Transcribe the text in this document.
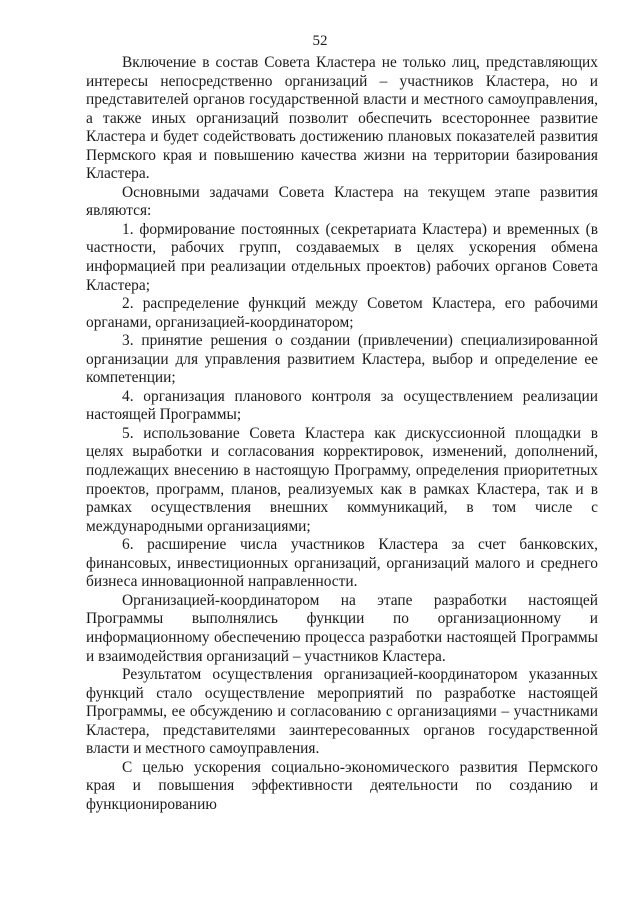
52

Включение в состав Совета Кластера не только лиц, представляющих интересы непосредственно организаций – участников Кластера, но и представителей органов государственной власти и местного самоуправления, а также иных организаций позволит обеспечить всестороннее развитие Кластера и будет содействовать достижению плановых показателей развития Пермского края и повышению качества жизни на территории базирования Кластера.

Основными задачами Совета Кластера на текущем этапе развития являются:

1. формирование постоянных (секретариата Кластера) и временных (в частности, рабочих групп, создаваемых в целях ускорения обмена информацией при реализации отдельных проектов) рабочих органов Совета Кластера;

2. распределение функций между Советом Кластера, его рабочими органами, организацией-координатором;

3. принятие решения о создании (привлечении) специализированной организации для управления развитием Кластера, выбор и определение ее компетенции;

4. организация планового контроля за осуществлением реализации настоящей Программы;

5. использование Совета Кластера как дискуссионной площадки в целях выработки и согласования корректировок, изменений, дополнений, подлежащих внесению в настоящую Программу, определения приоритетных проектов, программ, планов, реализуемых как в рамках Кластера, так и в рамках осуществления внешних коммуникаций, в том числе с международными организациями;

6. расширение числа участников Кластера за счет банковских, финансовых, инвестиционных организаций, организаций малого и среднего бизнеса инновационной направленности.

Организацией-координатором на этапе разработки настоящей Программы выполнялись функции по организационному и информационному обеспечению процесса разработки настоящей Программы и взаимодействия организаций – участников Кластера.

Результатом осуществления организацией-координатором указанных функций стало осуществление мероприятий по разработке настоящей Программы, ее обсуждению и согласованию с организациями – участниками Кластера, представителями заинтересованных органов государственной власти и местного самоуправления.

С целью ускорения социально-экономического развития Пермского края и повышения эффективности деятельности по созданию и функционированию
